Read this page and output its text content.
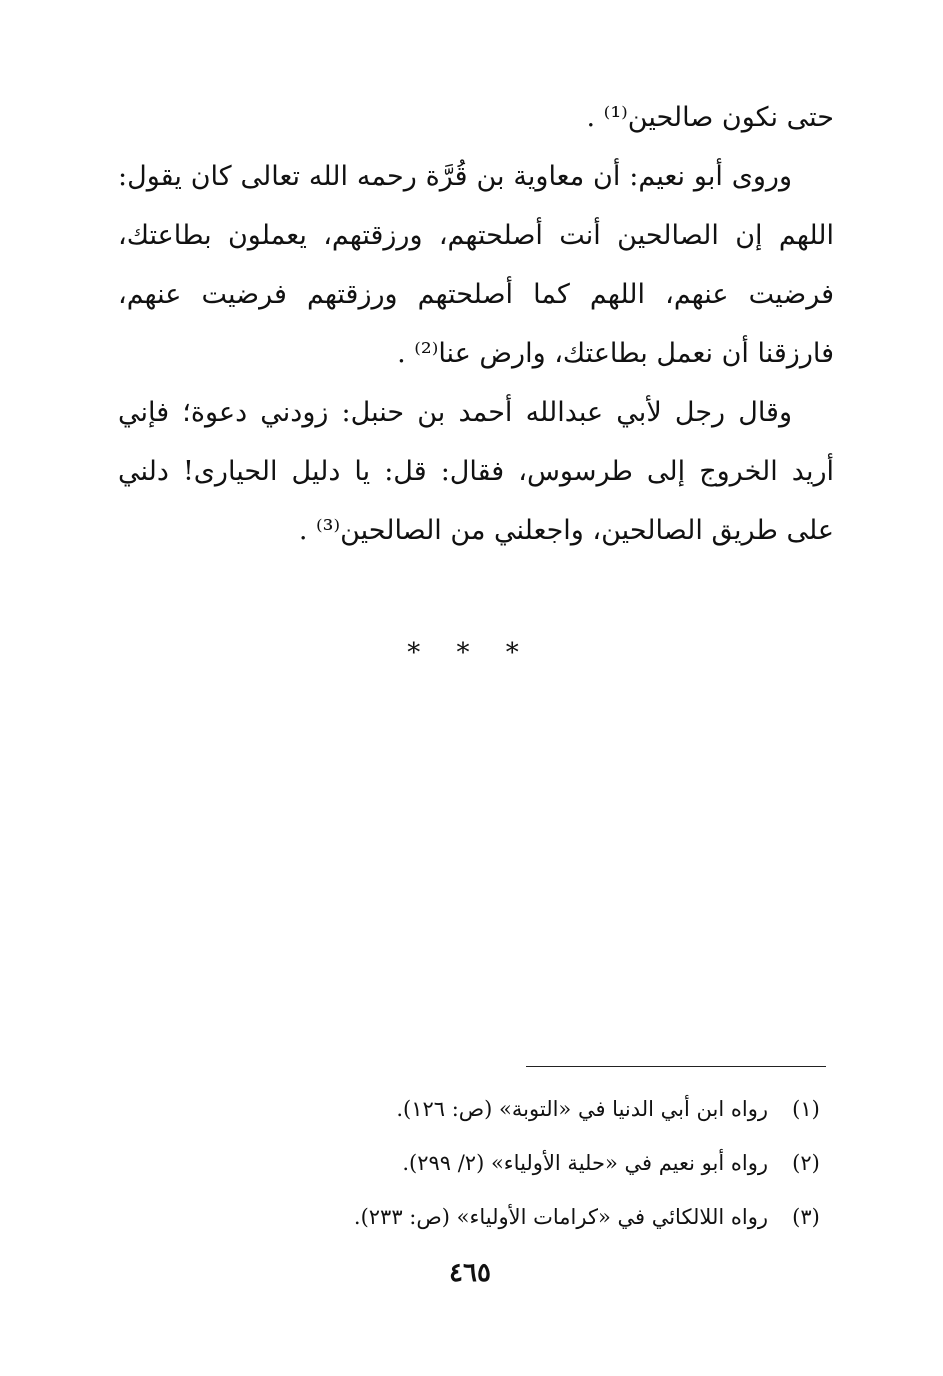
حتى نكون صالحين⁽¹⁾ .

وروى أبو نعيم: أن معاوية بن قُرَّة رحمه الله تعالى كان يقول: اللهم إن الصالحين أنت أصلحتهم، ورزقتهم، يعملون بطاعتك، فرضيت عنهم، اللهم كما أصلحتهم ورزقتهم فرضيت عنهم، فارزقنا أن نعمل بطاعتك، وارض عنا⁽²⁾ .

وقال رجل لأبي عبدالله أحمد بن حنبل: زودني دعوة؛ فإني أريد الخروج إلى طرسوس، فقال: قل: يا دليل الحيارى! دلني على طريق الصالحين، واجعلني من الصالحين⁽³⁾ .

* * *
(١)
رواه ابن أبي الدنيا في «التوبة» (ص: ١٢٦).
(٢)
رواه أبو نعيم في «حلية الأولياء» (٢/ ٢٩٩).
(٣)
رواه اللالكائي في «كرامات الأولياء» (ص: ٢٣٣).
٤٦٥
